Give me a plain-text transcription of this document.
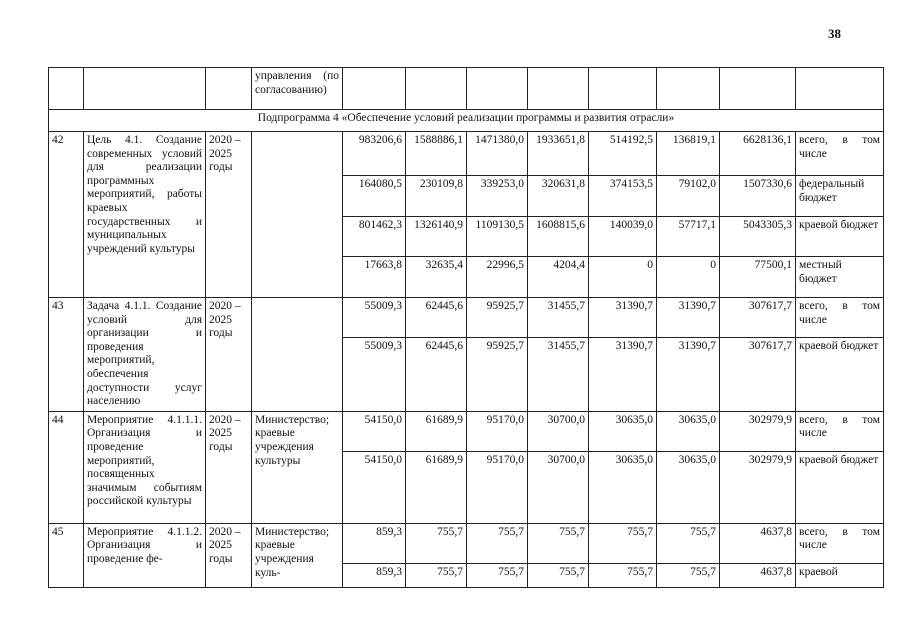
38
			управления (по согласованию)								
Подпрограмма 4 «Обеспечение условий реализации программы и развития отрасли»											
42	Цель 4.1. Создание современных условий для реализации программных мероприятий, работы краевых государственных и муниципальных учреждений культуры	2020 – 2025 годы		983206,6	1588886,1	1471380,0	1933651,8	514192,5	136819,1	6628136,1	всего, в том числе
				164080,5	230109,8	339253,0	320631,8	374153,5	79102,0	1507330,6	федеральный бюджет
				801462,3	1326140,9	1109130,5	1608815,6	140039,0	57717,1	5043305,3	краевой бюджет
				17663,8	32635,4	22996,5	4204,4	0	0	77500,1	местный бюджет
43	Задача 4.1.1. Создание условий для организации и проведения мероприятий, обеспечения доступности услуг населению	2020 – 2025 годы		55009,3	62445,6	95925,7	31455,7	31390,7	31390,7	307617,7	всего, в том числе
				55009,3	62445,6	95925,7	31455,7	31390,7	31390,7	307617,7	краевой бюджет
44	Мероприятие 4.1.1.1. Организация и проведение мероприятий, посвященных значимым событиям российской культуры	2020 – 2025 годы	Министерство; краевые учреждения культуры	54150,0	61689,9	95170,0	30700,0	30635,0	30635,0	302979,9	всего, в том числе
				54150,0	61689,9	95170,0	30700,0	30635,0	30635,0	302979,9	краевой бюджет
45	Мероприятие 4.1.1.2. Организация и проведение фе-	2020 – 2025 годы	Министерство; краевые учреждения куль-	859,3	755,7	755,7	755,7	755,7	755,7	4637,8	всего, в том числе
				859,3	755,7	755,7	755,7	755,7	755,7	4637,8	краевой
